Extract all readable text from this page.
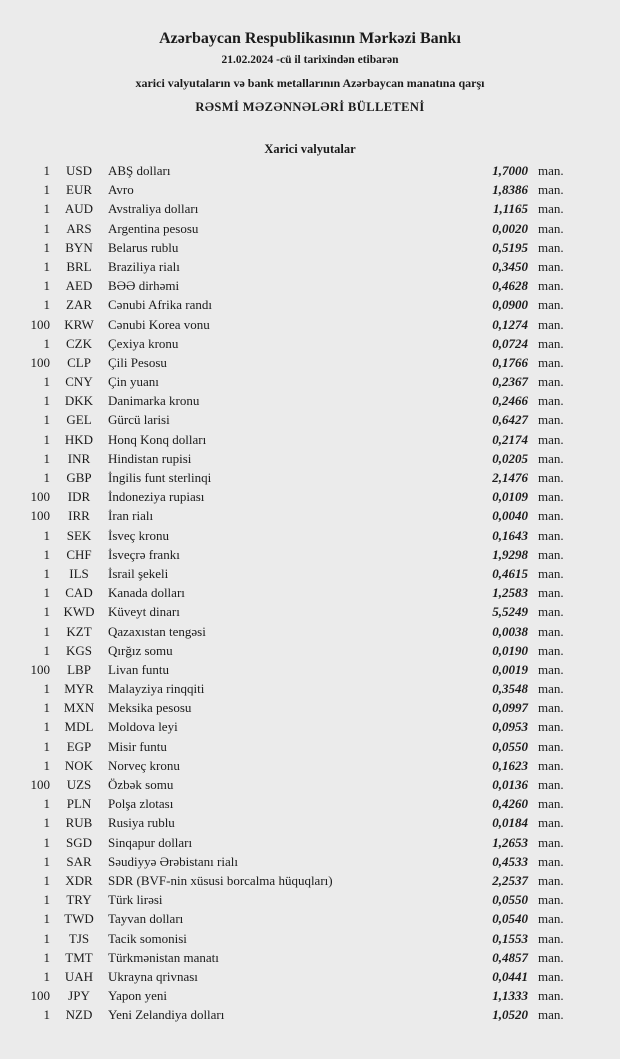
Azərbaycan Respublikasının Mərkəzi Bankı
21.02.2024 -cü il tarixindən etibarən
xarici valyutaların və bank metallarının Azərbaycan manatına qarşı
RƏSMİ MƏZƏNNƏLƏRİ BÜLLETENİ
Xarici valyutalar
1	USD	ABŞ dolları	1,7000 man.
1	EUR	Avro	1,8386 man.
1	AUD	Avstraliya dolları	1,1165 man.
1	ARS	Argentina pesosu	0,0020 man.
1	BYN	Belarus rublu	0,5195 man.
1	BRL	Braziliya rialı	0,3450 man.
1	AED	BƏƏ dirhəmi	0,4628 man.
1	ZAR	Cənubi Afrika randı	0,0900 man.
100	KRW	Cənubi Korea vonu	0,1274 man.
1	CZK	Çexiya kronu	0,0724 man.
100	CLP	Çili Pesosu	0,1766 man.
1	CNY	Çin yuanı	0,2367 man.
1	DKK	Danimarka kronu	0,2466 man.
1	GEL	Gürcü larisi	0,6427 man.
1	HKD	Honq Konq dolları	0,2174 man.
1	INR	Hindistan rupisi	0,0205 man.
1	GBP	İngilis funt sterlinqi	2,1476 man.
100	IDR	İndoneziya rupiası	0,0109 man.
100	IRR	İran rialı	0,0040 man.
1	SEK	İsveç kronu	0,1643 man.
1	CHF	İsveçrə frankı	1,9298 man.
1	ILS	İsrail şekeli	0,4615 man.
1	CAD	Kanada dolları	1,2583 man.
1	KWD	Küveyt dinarı	5,5249 man.
1	KZT	Qazaxıstan tengəsi	0,0038 man.
1	KGS	Qırğız somu	0,0190 man.
100	LBP	Livan funtu	0,0019 man.
1	MYR	Malayziya rinqqiti	0,3548 man.
1	MXN	Meksika pesosu	0,0997 man.
1	MDL	Moldova leyi	0,0953 man.
1	EGP	Misir funtu	0,0550 man.
1	NOK	Norveç kronu	0,1623 man.
100	UZS	Özbək somu	0,0136 man.
1	PLN	Polşa zlotası	0,4260 man.
1	RUB	Rusiya rublu	0,0184 man.
1	SGD	Sinqapur dolları	1,2653 man.
1	SAR	Səudiyyə Ərəbistanı rialı	0,4533 man.
1	XDR	SDR (BVF-nin xüsusi borcalma hüquqları)	2,2537 man.
1	TRY	Türk lirəsi	0,0550 man.
1	TWD	Tayvan dolları	0,0540 man.
1	TJS	Tacik somonisi	0,1553 man.
1	TMT	Türkmənistan manatı	0,4857 man.
1	UAH	Ukrayna qrivnası	0,0441 man.
100	JPY	Yapon yeni	1,1333 man.
1	NZD	Yeni Zelandiya dolları	1,0520 man.
